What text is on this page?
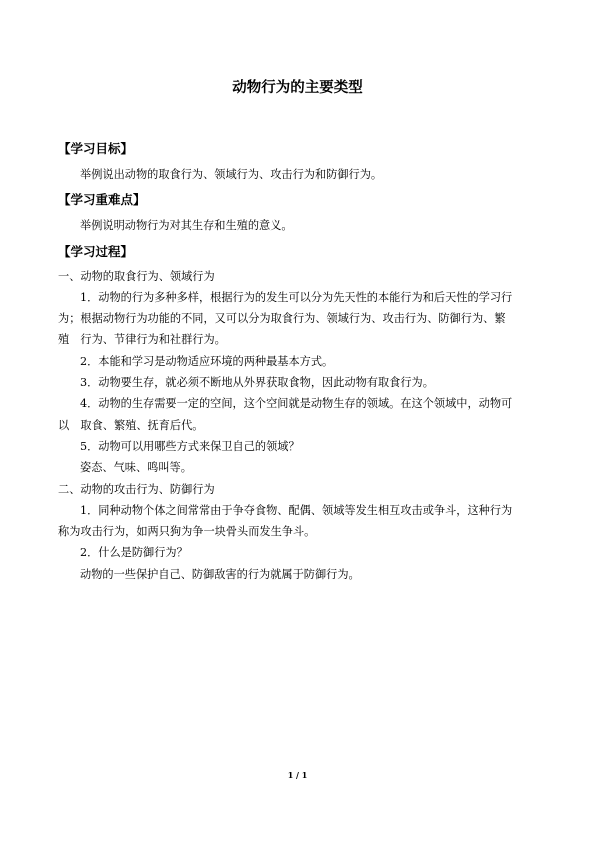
动物行为的主要类型
【学习目标】

举例说出动物的取食行为、领域行为、攻击行为和防御行为。

【学习重难点】

举例说明动物行为对其生存和生殖的意义。

【学习过程】

一、动物的取食行为、领域行为

1．动物的行为多种多样，根据行为的发生可以分为先天性的本能行为和后天性的学习行

为；根据动物行为功能的不同，又可以分为取食行为、领域行为、攻击行为、防御行为、繁

殖　行为、节律行为和社群行为。

2．本能和学习是动物适应环境的两种最基本方式。

3．动物要生存，就必须不断地从外界获取食物，因此动物有取食行为。

4．动物的生存需要一定的空间，这个空间就是动物生存的领域。在这个领域中，动物可

以　取食、繁殖、抚育后代。

5．动物可以用哪些方式来保卫自己的领域？

姿态、气味、鸣叫等。

二、动物的攻击行为、防御行为

1．同种动物个体之间常常由于争夺食物、配偶、领域等发生相互攻击或争斗，这种行为

称为攻击行为，如两只狗为争一块骨头而发生争斗。

2．什么是防御行为？

动物的一些保护自己、防御敌害的行为就属于防御行为。

1 / 1
